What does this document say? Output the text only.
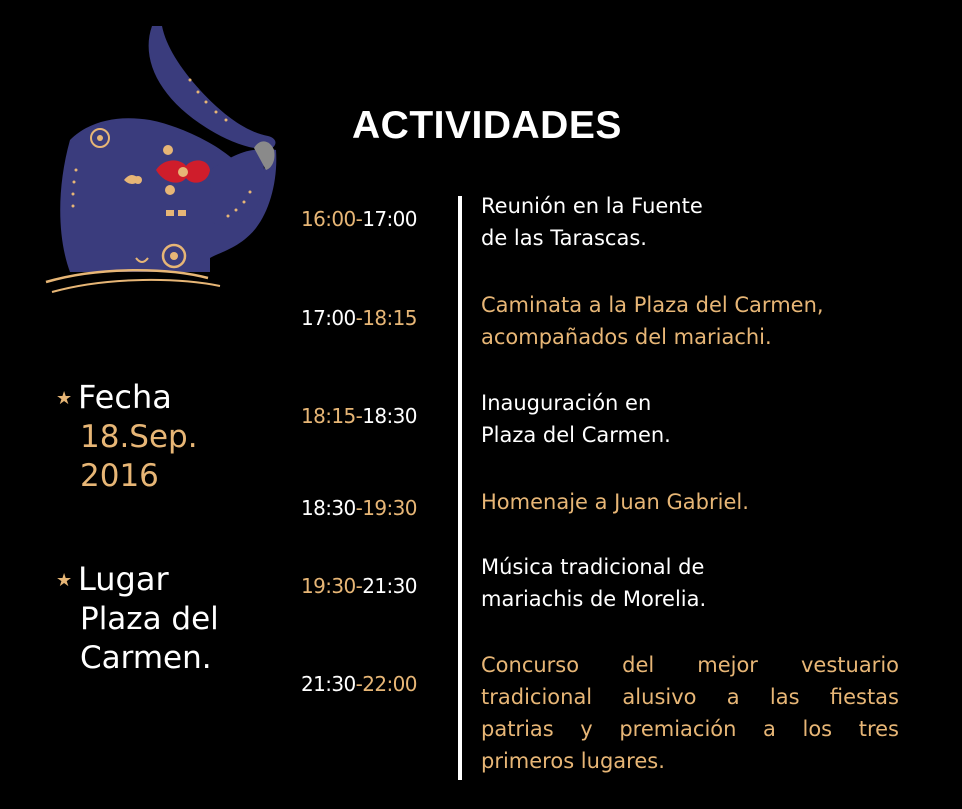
ACTIVIDADES
★ Fecha
18.Sep.
2016
★ Lugar
Plaza del
Carmen.
16:00-17:00
Reunión en la Fuente
de las Tarascas.
17:00-18:15
Caminata a la Plaza del Carmen,
acompañados del mariachi.
18:15-18:30
Inauguración en
Plaza del Carmen.
18:30-19:30	Homenaje a Juan Gabriel.
19:30-21:30
Música tradicional de
mariachis de Morelia.
21:30-22:00
Concurso del mejor vestuario
tradicional alusivo a las fiestas
patrias y premiación a los tres
primeros lugares.
